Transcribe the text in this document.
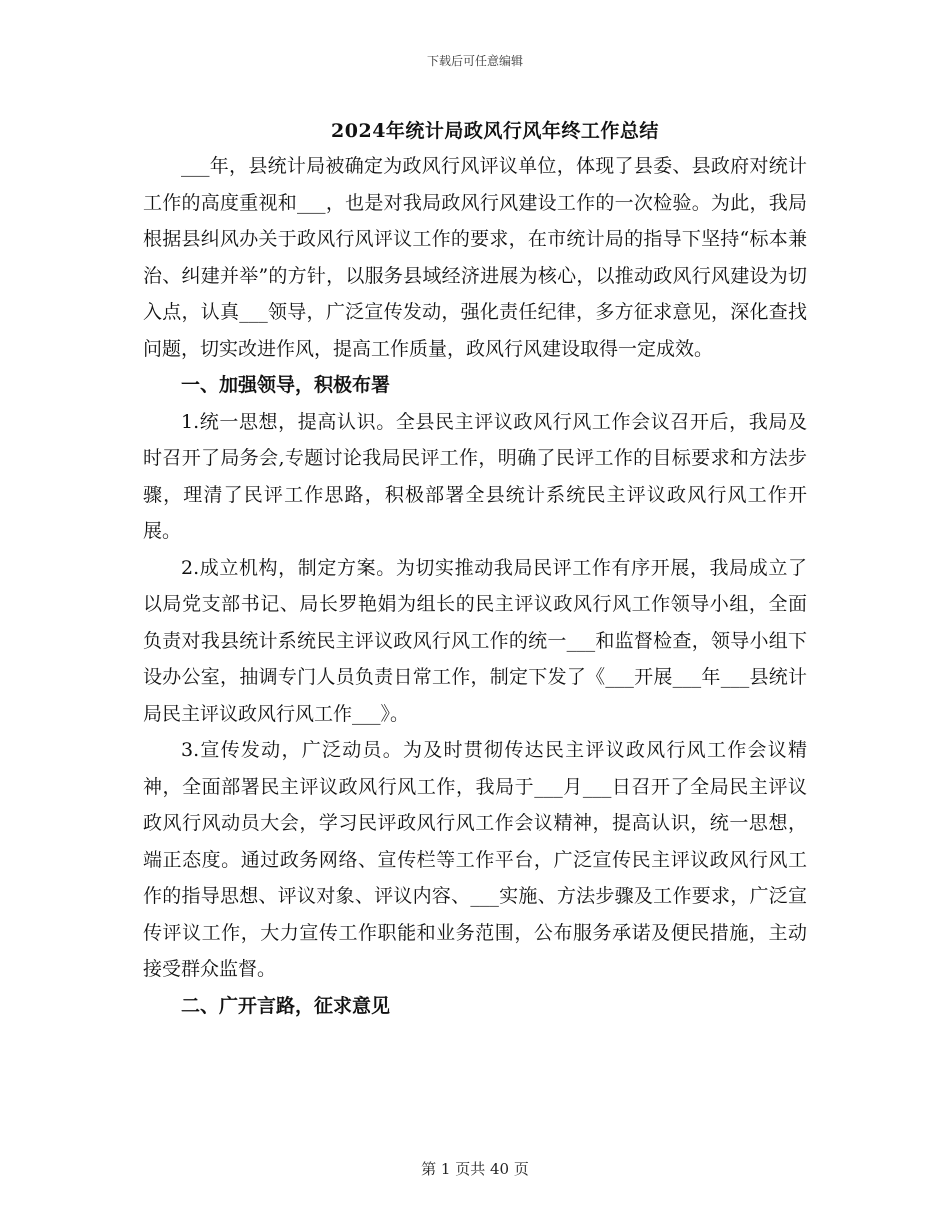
下载后可任意编辑
2024年统计局政风行风年终工作总结

___年，县统计局被确定为政风行风评议单位，体现了县委、县政府对统计工作的高度重视和___，也是对我局政风行风建设工作的一次检验。为此，我局根据县纠风办关于政风行风评议工作的要求，在市统计局的指导下坚持“标本兼治、纠建并举”的方针，以服务县域经济进展为核心，以推动政风行风建设为切入点，认真___领导，广泛宣传发动，强化责任纪律，多方征求意见，深化查找问题，切实改进作风，提高工作质量，政风行风建设取得一定成效。

一、加强领导，积极布署

1.统一思想，提高认识。全县民主评议政风行风工作会议召开后，我局及时召开了局务会,专题讨论我局民评工作，明确了民评工作的目标要求和方法步骤，理清了民评工作思路，积极部署全县统计系统民主评议政风行风工作开展。

2.成立机构，制定方案。为切实推动我局民评工作有序开展，我局成立了以局党支部书记、局长罗艳娟为组长的民主评议政风行风工作领导小组，全面负责对我县统计系统民主评议政风行风工作的统一___和监督检查，领导小组下设办公室，抽调专门人员负责日常工作，制定下发了《___开展___年___县统计局民主评议政风行风工作___》。

3.宣传发动，广泛动员。为及时贯彻传达民主评议政风行风工作会议精神，全面部署民主评议政风行风工作，我局于___月___日召开了全局民主评议政风行风动员大会，学习民评政风行风工作会议精神，提高认识，统一思想，端正态度。通过政务网络、宣传栏等工作平台，广泛宣传民主评议政风行风工作的指导思想、评议对象、评议内容、___实施、方法步骤及工作要求，广泛宣传评议工作，大力宣传工作职能和业务范围，公布服务承诺及便民措施，主动接受群众监督。

二、广开言路，征求意见

第 1 页共 40 页
